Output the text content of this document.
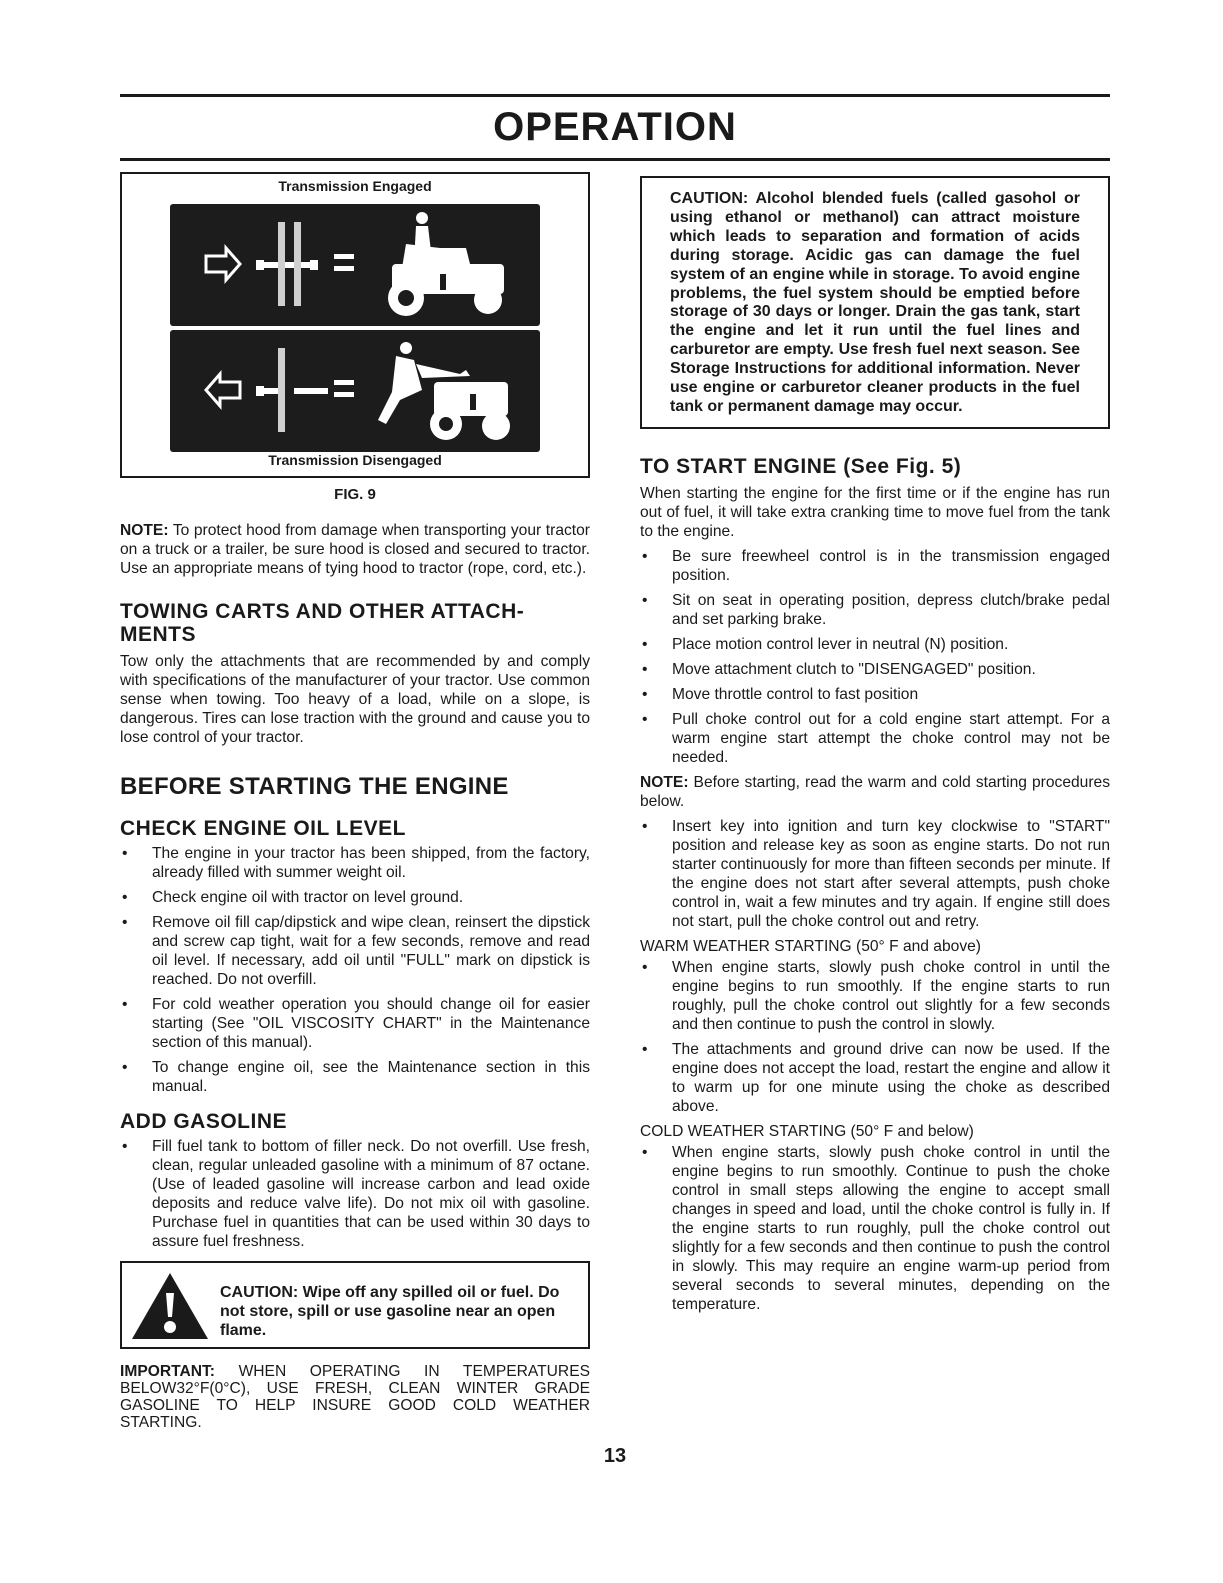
OPERATION
Transmission Engaged
Transmission Disengaged
FIG. 9

NOTE: To protect hood from damage when transporting your tractor on a truck or a trailer, be sure hood is closed and secured to tractor. Use an appropriate means of tying hood to tractor (rope, cord, etc.).

TOWING CARTS AND OTHER ATTACH-
MENTS

Tow only the attachments that are recommended by and comply with specifications of the manufacturer of your tractor. Use common sense when towing. Too heavy of a load, while on a slope, is dangerous. Tires can lose traction with the ground and cause you to lose control of your tractor.

BEFORE STARTING THE ENGINE
CHECK ENGINE OIL LEVEL
• The engine in your tractor has been shipped, from the factory, already filled with summer weight oil.
• Check engine oil with tractor on level ground.
• Remove oil fill cap/dipstick and wipe clean, reinsert the dipstick and screw cap tight, wait for a few seconds, remove and read oil level. If necessary, add oil until "FULL" mark on dipstick is reached. Do not overfill.
• For cold weather operation you should change oil for easier starting (See "OIL VISCOSITY CHART" in the Maintenance section of this manual).
• To change engine oil, see the Maintenance section in this manual.
ADD GASOLINE
• Fill fuel tank to bottom of filler neck. Do not overfill. Use fresh, clean, regular unleaded gasoline with a minimum of 87 octane. (Use of leaded gasoline will increase carbon and lead oxide deposits and reduce valve life). Do not mix oil with gasoline. Purchase fuel in quantities that can be used within 30 days to assure fuel freshness.
CAUTION: Wipe off any spilled oil or fuel. Do not store, spill or use gasoline near an open flame.

IMPORTANT: WHEN OPERATING IN TEMPERATURES BELOW32°F(0°C), USE FRESH, CLEAN WINTER GRADE GASOLINE TO HELP INSURE GOOD COLD WEATHER STARTING.

CAUTION: Alcohol blended fuels (called gasohol or using ethanol or methanol) can attract moisture which leads to separation and formation of acids during storage. Acidic gas can damage the fuel system of an engine while in storage. To avoid engine problems, the fuel system should be emptied before storage of 30 days or longer. Drain the gas tank, start the engine and let it run until the fuel lines and carburetor are empty. Use fresh fuel next season. See Storage Instructions for additional information. Never use engine or carburetor cleaner products in the fuel tank or permanent damage may occur.
TO START ENGINE (See Fig. 5)

When starting the engine for the first time or if the engine has run out of fuel, it will take extra cranking time to move fuel from the tank to the engine.

• Be sure freewheel control is in the transmission engaged position.
• Sit on seat in operating position, depress clutch/brake pedal and set parking brake.
• Place motion control lever in neutral (N) position.
• Move attachment clutch to "DISENGAGED" position.
• Move throttle control to fast position
• Pull choke control out for a cold engine start attempt. For a warm engine start attempt the choke control may not be needed.

NOTE: Before starting, read the warm and cold starting procedures below.

• Insert key into ignition and turn key clockwise to "START" position and release key as soon as engine starts. Do not run starter continuously for more than fifteen seconds per minute. If the engine does not start after several attempts, push choke control in, wait a few minutes and try again. If engine still does not start, pull the choke control out and retry.
WARM WEATHER STARTING (50° F and above)
• When engine starts, slowly push choke control in until the engine begins to run smoothly. If the engine starts to run roughly, pull the choke control out slightly for a few seconds and then continue to push the control in slowly.
• The attachments and ground drive can now be used. If the engine does not accept the load, restart the engine and allow it to warm up for one minute using the choke as described above.
COLD WEATHER STARTING (50° F and below)
• When engine starts, slowly push choke control in until the engine begins to run smoothly. Continue to push the choke control in small steps allowing the engine to accept small changes in speed and load, until the choke control is fully in. If the engine starts to run roughly, pull the choke control out slightly for a few seconds and then continue to push the control in slowly. This may require an engine warm-up period from several seconds to several minutes, depending on the temperature.
13
